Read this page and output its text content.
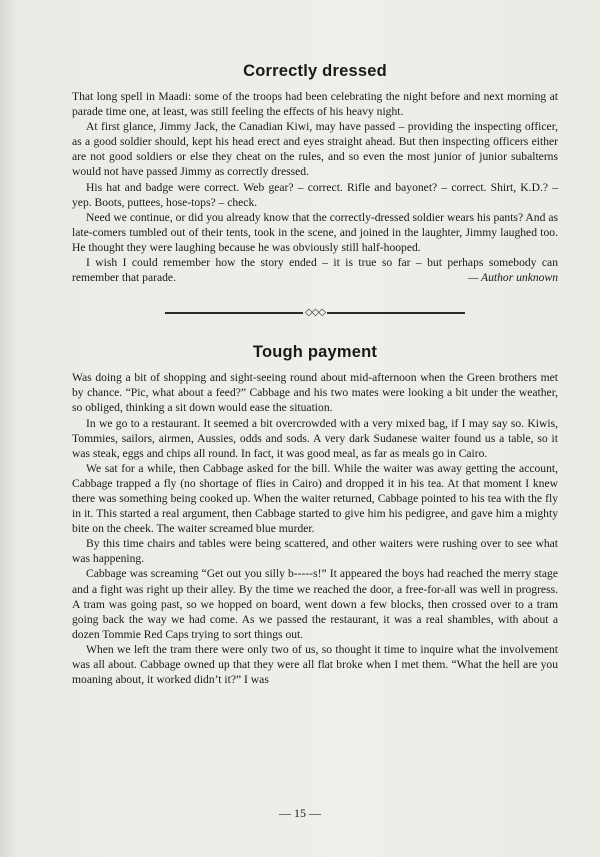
Correctly dressed

That long spell in Maadi: some of the troops had been celebrating the night before and next morning at parade time one, at least, was still feeling the effects of his heavy night.

At first glance, Jimmy Jack, the Canadian Kiwi, may have passed – providing the inspecting officer, as a good soldier should, kept his head erect and eyes straight ahead. But then inspecting officers either are not good soldiers or else they cheat on the rules, and so even the most junior of junior subalterns would not have passed Jimmy as correctly dressed.

His hat and badge were correct. Web gear? – correct. Rifle and bayonet? – correct. Shirt, K.D.? – yep. Boots, puttees, hose-tops? – check.

Need we continue, or did you already know that the correctly-dressed soldier wears his pants? And as late-comers tumbled out of their tents, took in the scene, and joined in the laughter, Jimmy laughed too. He thought they were laughing because he was obviously still half-hooped.

I wish I could remember how the story ended – it is true so far – but perhaps somebody can remember that parade.	— Author unknown

◇◇◇
Tough payment

Was doing a bit of shopping and sight-seeing round about mid-afternoon when the Green brothers met by chance. “Pic, what about a feed?” Cabbage and his two mates were looking a bit under the weather, so obliged, thinking a sit down would ease the situation.

In we go to a restaurant. It seemed a bit overcrowded with a very mixed bag, if I may say so. Kiwis, Tommies, sailors, airmen, Aussies, odds and sods. A very dark Sudanese waiter found us a table, so it was steak, eggs and chips all round. In fact, it was good meal, as far as meals go in Cairo.

We sat for a while, then Cabbage asked for the bill. While the waiter was away getting the account, Cabbage trapped a fly (no shortage of flies in Cairo) and dropped it in his tea. At that moment I knew there was something being cooked up. When the waiter returned, Cabbage pointed to his tea with the fly in it. This started a real argument, then Cabbage started to give him his pedigree, and gave him a mighty bite on the cheek. The waiter screamed blue murder.

By this time chairs and tables were being scattered, and other waiters were rushing over to see what was happening.

Cabbage was screaming “Get out you silly b-----s!” It appeared the boys had reached the merry stage and a fight was right up their alley. By the time we reached the door, a free-for-all was well in progress. A tram was going past, so we hopped on board, went down a few blocks, then crossed over to a tram going back the way we had come. As we passed the restaurant, it was a real shambles, with about a dozen Tommie Red Caps trying to sort things out.

When we left the tram there were only two of us, so thought it time to inquire what the involvement was all about. Cabbage owned up that they were all flat broke when I met them. “What the hell are you moaning about, it worked didn’t it?” I was

— 15 —
